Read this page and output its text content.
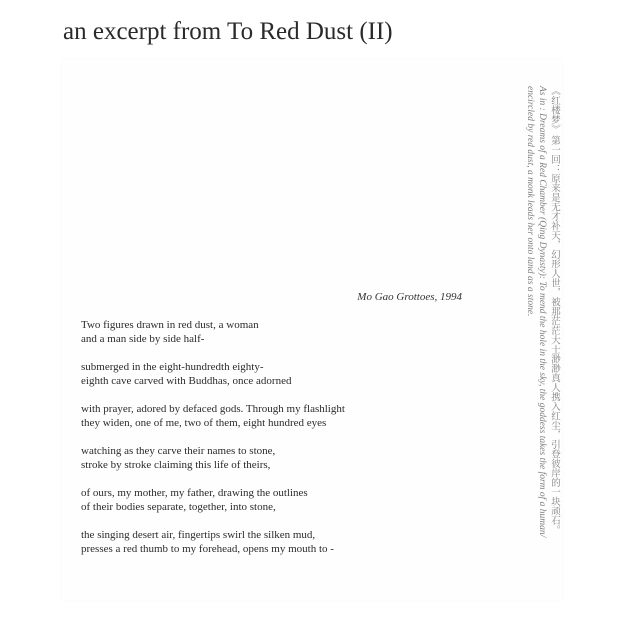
an excerpt from To Red Dust (II)
《红楼梦》 第一回：原来是无才补天，幻形人世，被那茫茫大士渺渺真人携入红尘，引登彼岸的一块顽石。
As in : Dreams of a Red Chamber (Qing Dynasty): To mend the hole in the sky, the goddess takes the form of a human/
encircled by red dust, a monk leads her onto land as a stone.
Mo Gao Grottoes, 1994
Two figures drawn in red dust, a woman
and a man side by side half-
submerged in the eight-hundredth eighty-
eighth cave carved with Buddhas, once adorned
with prayer, adored by defaced gods. Through my flashlight
they widen, one of me, two of them, eight hundred eyes
watching as they carve their names to stone,
stroke by stroke claiming this life of theirs,
of ours, my mother, my father, drawing the outlines
of their bodies separate, together, into stone,
the singing desert air, fingertips swirl the silken mud,
presses a red thumb to my forehead, opens my mouth to -
